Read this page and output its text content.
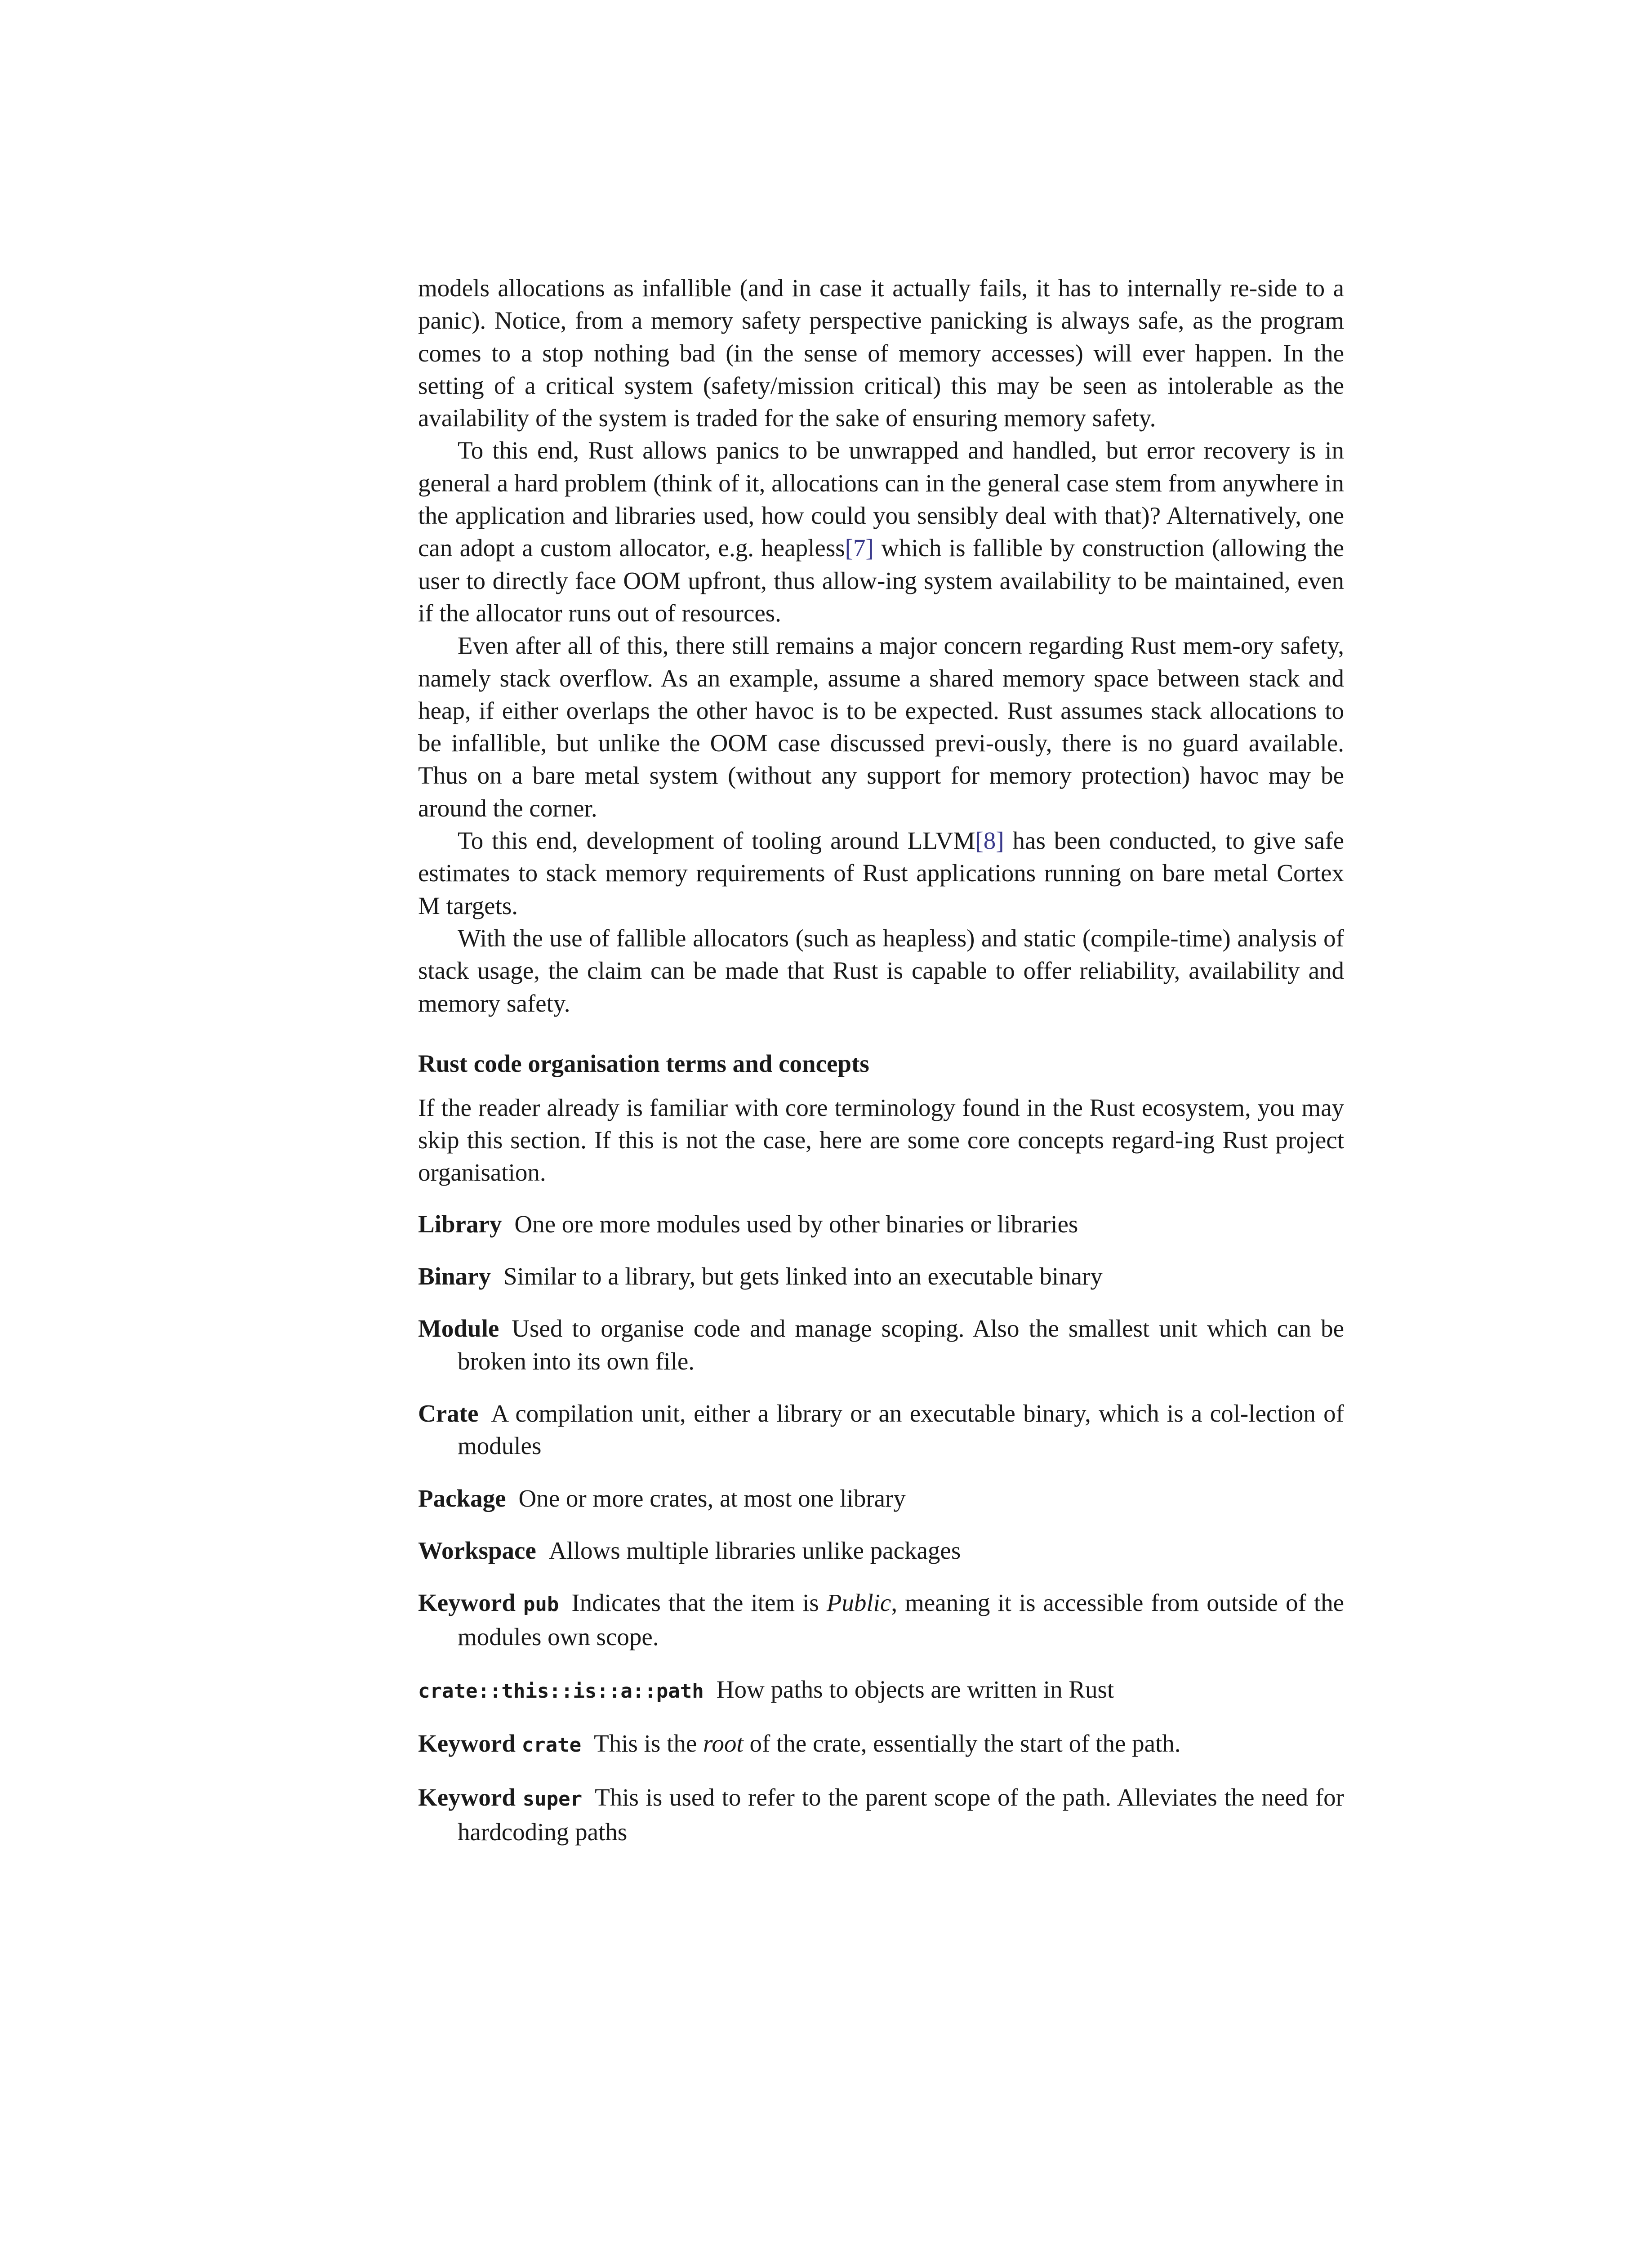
models allocations as infallible (and in case it actually fails, it has to internally re-side to a panic). Notice, from a memory safety perspective panicking is always safe, as the program comes to a stop nothing bad (in the sense of memory accesses) will ever happen. In the setting of a critical system (safety/mission critical) this may be seen as intolerable as the availability of the system is traded for the sake of ensuring memory safety.

To this end, Rust allows panics to be unwrapped and handled, but error recovery is in general a hard problem (think of it, allocations can in the general case stem from anywhere in the application and libraries used, how could you sensibly deal with that)? Alternatively, one can adopt a custom allocator, e.g. heapless[7] which is fallible by construction (allowing the user to directly face OOM upfront, thus allow-ing system availability to be maintained, even if the allocator runs out of resources.

Even after all of this, there still remains a major concern regarding Rust mem-ory safety, namely stack overflow. As an example, assume a shared memory space between stack and heap, if either overlaps the other havoc is to be expected. Rust assumes stack allocations to be infallible, but unlike the OOM case discussed previ-ously, there is no guard available. Thus on a bare metal system (without any support for memory protection) havoc may be around the corner.

To this end, development of tooling around LLVM[8] has been conducted, to give safe estimates to stack memory requirements of Rust applications running on bare metal Cortex M targets.

With the use of fallible allocators (such as heapless) and static (compile-time) analysis of stack usage, the claim can be made that Rust is capable to offer reliability, availability and memory safety.

Rust code organisation terms and concepts

If the reader already is familiar with core terminology found in the Rust ecosystem, you may skip this section. If this is not the case, here are some core concepts regard-ing Rust project organisation.

Library One ore more modules used by other binaries or libraries
Binary Similar to a library, but gets linked into an executable binary
Module Used to organise code and manage scoping. Also the smallest unit which can be broken into its own file.
Crate A compilation unit, either a library or an executable binary, which is a col-lection of modules
Package One or more crates, at most one library
Workspace Allows multiple libraries unlike packages
Keyword pub Indicates that the item is Public, meaning it is accessible from outside of the modules own scope.
crate::this::is::a::path How paths to objects are written in Rust
Keyword crate This is the root of the crate, essentially the start of the path.
Keyword super This is used to refer to the parent scope of the path. Alleviates the need for hardcoding paths
